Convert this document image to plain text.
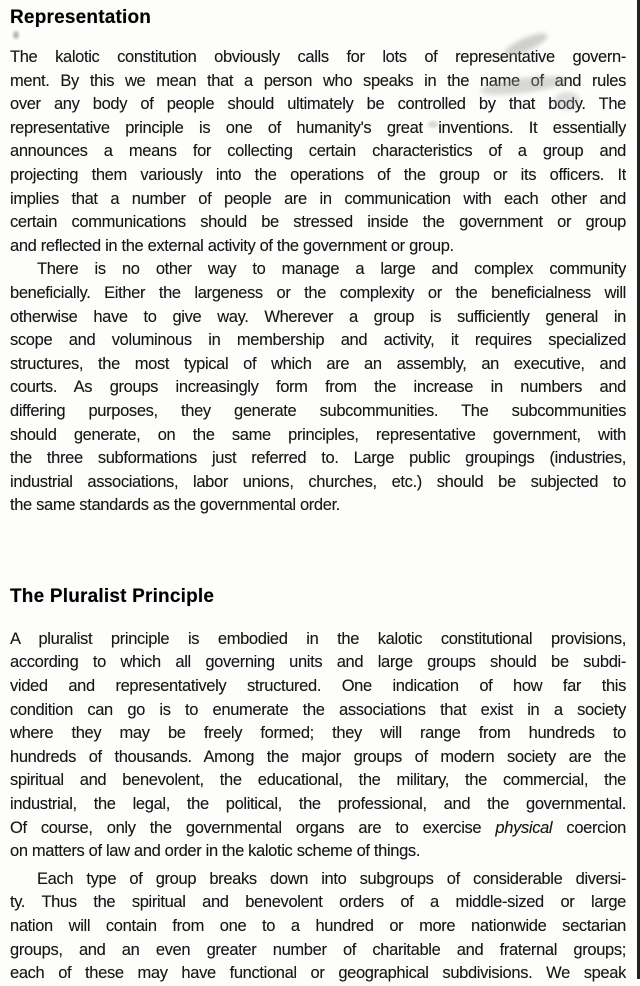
Representation
The kalotic constitution obviously calls for lots of representative govern-
ment. By this we mean that a person who speaks in the name of and rules
over any body of people should ultimately be controlled by that body. The
representative principle is one of humanity's great inventions. It essentially
announces a means for collecting certain characteristics of a group and
projecting them variously into the operations of the group or its officers. It
implies that a number of people are in communication with each other and
certain communications should be stressed inside the government or group
and reflected in the external activity of the government or group.
There is no other way to manage a large and complex community
beneficially. Either the largeness or the complexity or the beneficialness will
otherwise have to give way. Wherever a group is sufficiently general in
scope and voluminous in membership and activity, it requires specialized
structures, the most typical of which are an assembly, an executive, and
courts. As groups increasingly form from the increase in numbers and
differing purposes, they generate subcommunities. The subcommunities
should generate, on the same principles, representative government, with
the three subformations just referred to. Large public groupings (industries,
industrial associations, labor unions, churches, etc.) should be subjected to
the same standards as the governmental order.
The Pluralist Principle
A pluralist principle is embodied in the kalotic constitutional provisions,
according to which all governing units and large groups should be subdi-
vided and representatively structured. One indication of how far this
condition can go is to enumerate the associations that exist in a society
where they may be freely formed; they will range from hundreds to
hundreds of thousands. Among the major groups of modern society are the
spiritual and benevolent, the educational, the military, the commercial, the
industrial, the legal, the political, the professional, and the governmental.
Of course, only the governmental organs are to exercise physical coercion
on matters of law and order in the kalotic scheme of things.
Each type of group breaks down into subgroups of considerable diversi-
ty. Thus the spiritual and benevolent orders of a middle-sized or large
nation will contain from one to a hundred or more nationwide sectarian
groups, and an even greater number of charitable and fraternal groups;
each of these may have functional or geographical subdivisions. We speak
